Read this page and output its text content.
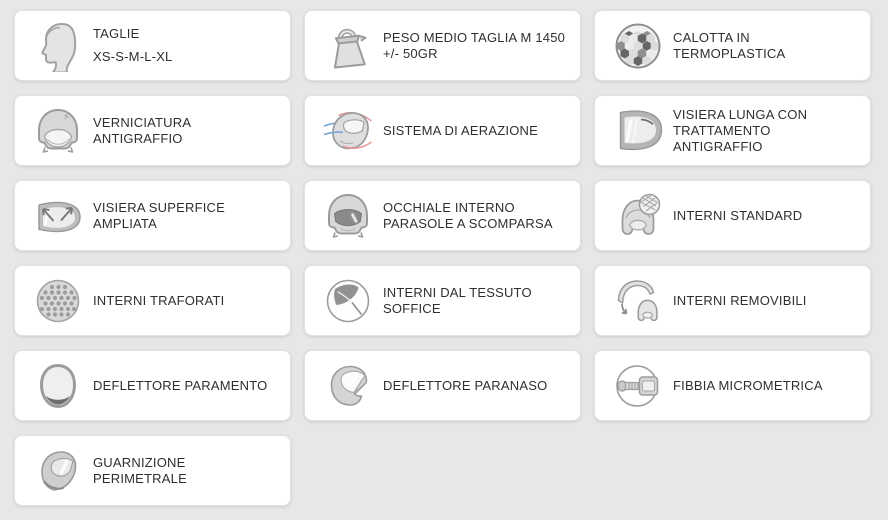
TAGLIE
XS-S-M-L-XL
PESO MEDIO TAGLIA M 1450
+/- 50GR
CALOTTA IN
TERMOPLASTICA
VERNICIATURA
ANTIGRAFFIO
SISTEMA DI AERAZIONE
VISIERA LUNGA CON
TRATTAMENTO
ANTIGRAFFIO
VISIERA SUPERFICE
AMPLIATA
OCCHIALE INTERNO
PARASOLE A SCOMPARSA
INTERNI STANDARD
INTERNI TRAFORATI
INTERNI DAL TESSUTO
SOFFICE
INTERNI REMOVIBILI
DEFLETTORE PARAMENTO	DEFLETTORE PARANASO	FIBBIA MICROMETRICA
GUARNIZIONE PERIMETRALE
